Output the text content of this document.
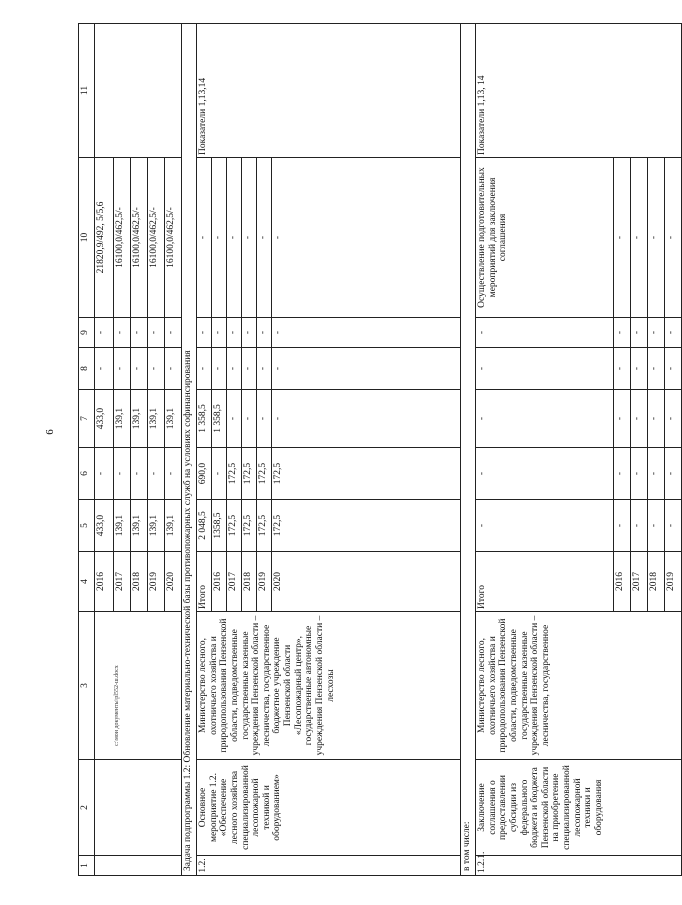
6
c:\мои документы\рl552-ш.docx
1	2	3	4	5	6	7	8	9	10	11
			2016	433,0	-	433,0	-	-	21820,9/492, 5/5,6	
			2017	139,1	-	139,1	-	-	16100,0/462,5/-	
			2018	139,1	-	139,1	-	-	16100,0/462,5/-	
			2019	139,1	-	139,1	-	-	16100,0/462,5/-	
			2020	139,1	-	139,1	-	-	16100,0/462,5/-	
Задача подпрограммы 1.2: Обновление материально-технической базы противопожарных служб на условиях софинансирования										
1.2.	Основное мероприятие 1.2. «Обеспечение лесного хозяйства специализированной лесопожарной техникой и оборудованием»	Министерство лесного, охотничьего хозяйства и природопользования Пензенской области, подведомственные государственные казенные учреждения Пензенской области – лесничества, государственное бюджетное учреждение Пензенской области «Лесопожарный центр», государственные автономные учреждения Пензенской области – лесхозы	Итого	2 048,5	690,0	1 358,5	-	-	-	Показатели 1,13,14
			2016	1358,5	-	1 358,5	-	-	-	
			2017	172,5	172,5	-	-	-	-	
			2018	172,5	172,5	-	-	-	-	
			2019	172,5	172,5	-	-	-	-	
			2020	172,5	172,5	-	-	-	-	
в том числе:										
1.2.1.	Заключение соглашения о предоставлении субсидии из федерального бюджета и бюджета Пензенской области на приобретение специализированной лесопожарной техники и оборудования	Министерство лесного, охотничьего хозяйства и природопользования Пензенской области, подведомственные государственные казенные учреждения Пензенской области – лесничества, государственное	Итого	-	-	-	-	-	Осуществление подготовительных мероприятий для заключения соглашения	Показатели 1,13, 14
			2016	-	-	-	-	-	-	
			2017	-	-	-	-	-	-	
			2018	-	-	-	-	-	-	
			2019	-	-	-	-	-	-	
